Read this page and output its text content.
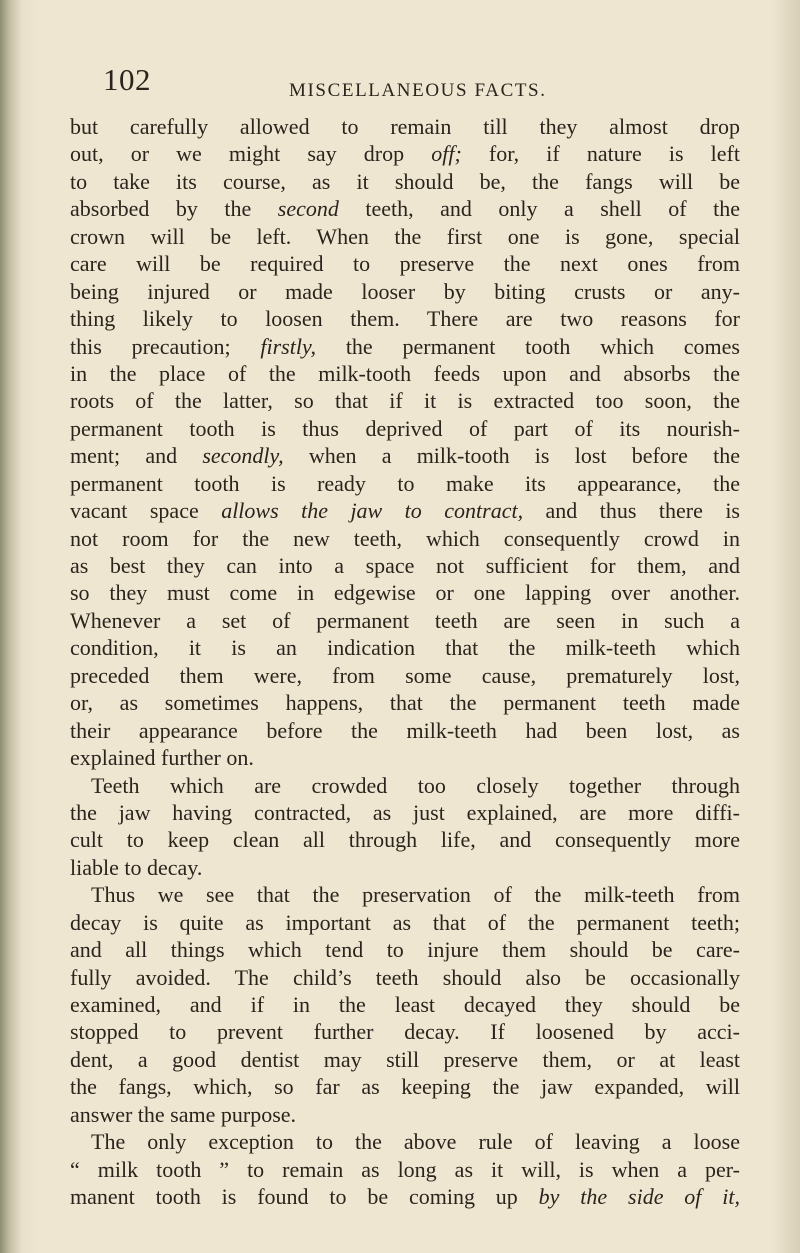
102	MISCELLANEOUS FACTS.
but carefully allowed to remain till they almost drop
out, or we might say drop off; for, if nature is left
to take its course, as it should be, the fangs will be
absorbed by the second teeth, and only a shell of the
crown will be left. When the first one is gone, special
care will be required to preserve the next ones from
being injured or made looser by biting crusts or any-
thing likely to loosen them. There are two reasons for
this precaution; firstly, the permanent tooth which comes
in the place of the milk-tooth feeds upon and absorbs the
roots of the latter, so that if it is extracted too soon, the
permanent tooth is thus deprived of part of its nourish-
ment; and secondly, when a milk-tooth is lost before the
permanent tooth is ready to make its appearance, the
vacant space allows the jaw to contract, and thus there is
not room for the new teeth, which consequently crowd in
as best they can into a space not sufficient for them, and
so they must come in edgewise or one lapping over another.
Whenever a set of permanent teeth are seen in such a
condition, it is an indication that the milk-teeth which
preceded them were, from some cause, prematurely lost,
or, as sometimes happens, that the permanent teeth made
their appearance before the milk-teeth had been lost, as
explained further on.
Teeth which are crowded too closely together through
the jaw having contracted, as just explained, are more diffi-
cult to keep clean all through life, and consequently more
liable to decay.
Thus we see that the preservation of the milk-teeth from
decay is quite as important as that of the permanent teeth;
and all things which tend to injure them should be care-
fully avoided. The child’s teeth should also be occasionally
examined, and if in the least decayed they should be
stopped to prevent further decay. If loosened by acci-
dent, a good dentist may still preserve them, or at least
the fangs, which, so far as keeping the jaw expanded, will
answer the same purpose.
The only exception to the above rule of leaving a loose
“ milk tooth ” to remain as long as it will, is when a per-
manent tooth is found to be coming up by the side of it,
